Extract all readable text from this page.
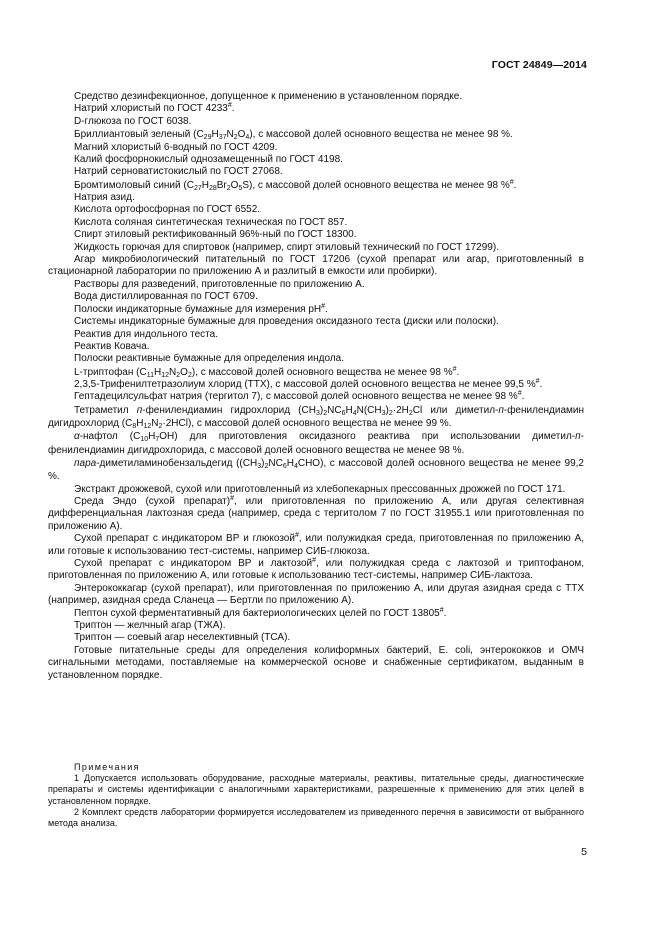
ГОСТ 24849—2014

Средство дезинфекционное, допущенное к применению в установленном порядке.

Натрий хлористый по ГОСТ 4233#.

D-глюкоза по ГОСТ 6038.

Бриллиантовый зеленый $(C_{29}H_{37}N_2O_4)$, с массовой долей основного вещества не менее 98 %.

Магний хлористый 6-водный по ГОСТ 4209.

Калий фосфорнокислый однозамещенный по ГОСТ 4198.

Натрий серноватистокислый по ГОСТ 27068.

Бромтимоловый синий $(C_{27}H_{28}Br_2O_5S)$, с массовой долей основного вещества не менее 98 %#.

Натрия азид.

Кислота ортофосфорная по ГОСТ 6552.

Кислота соляная синтетическая техническая по ГОСТ 857.

Спирт этиловый ректификованный 96%-ный по ГОСТ 18300.

Жидкость горючая для спиртовок (например, спирт этиловый технический по ГОСТ 17299).

Агар микробиологический питательный по ГОСТ 17206 (сухой препарат или агар, приготовленный в стационарной лаборатории по приложению А и разлитый в емкости или пробирки).

Растворы для разведений, приготовленные по приложению А.

Вода дистиллированная по ГОСТ 6709.

Полоски индикаторные бумажные для измерения pH#.

Системы индикаторные бумажные для проведения оксидазного теста (диски или полоски).

Реактив для индольного теста.

Реактив Ковача.

Полоски реактивные бумажные для определения индола.

L-триптофан $(C_{11}H_{12}N_2O_2)$, с массовой долей основного вещества не менее 98 %#.

2,3,5-Трифенилтетразолиум хлорид (ТТХ), с массовой долей основного вещества не менее 99,5 %#.

Гептадецилсульфат натрия (тергитол 7), с массовой долей основного вещества не менее 98 %#.

Тетраметил п-фенилендиамин гидрохлорид $(CH_3)_2NC_6H_4N(CH_3)_2\cdot 2H_2Cl$ или диметил-п-фенилендиамин дигидрохлорид $(C_8H_{12}N_2\cdot 2HCl)$, с массовой долей основного вещества не менее 99 %.

α-нафтол $(C_{10}H_7OH)$ для приготовления оксидазного реактива при использовании диметил-п-фенилендиамин дигидрохлорида, с массовой долей основного вещества не менее 98 %.

пара-диметиламинобензальдегид $((CH_3)_2NC_6H_4CHO)$, с массовой долей основного вещества не менее 99,2 %.

Экстракт дрожжевой, сухой или приготовленный из хлебопекарных прессованных дрожжей по ГОСТ 171.

Среда Эндо (сухой препарат)#, или приготовленная по приложению А, или другая селективная дифференциальная лактозная среда (например, среда с тергитолом 7 по ГОСТ 31955.1 или приготовленная по приложению А).

Сухой препарат с индикатором ВР и глюкозой#, или полужидкая среда, приготовленная по приложению А, или готовые к использованию тест-системы, например СИБ-глюкоза.

Сухой препарат с индикатором ВР и лактозой#, или полужидкая среда с лактозой и триптофаном, приготовленная по приложению А, или готовые к использованию тест-системы, например СИБ-лактоза.

Энтерококкагар (сухой препарат), или приготовленная по приложению А, или другая азидная среда с ТТХ (например, азидная среда Сланеца — Бертли по приложению А).

Пептон сухой ферментативный для бактериологических целей по ГОСТ 13805#.

Триптон — желчный агар (ТЖА).

Триптон — соевый агар неселективный (ТСА).

Готовые питательные среды для определения колиформных бактерий, E. coli, энтерококков и ОМЧ сигнальными методами, поставляемые на коммерческой основе и снабженные сертификатом, выданным в установленном порядке.

Примечания

1 Допускается использовать оборудование, расходные материалы, реактивы, питательные среды, диагностические препараты и системы идентификации с аналогичными характеристиками, разрешенные к применению для этих целей в установленном порядке.

2 Комплект средств лаборатории формируется исследователем из приведенного перечня в зависимости от выбранного метода анализа.

5
